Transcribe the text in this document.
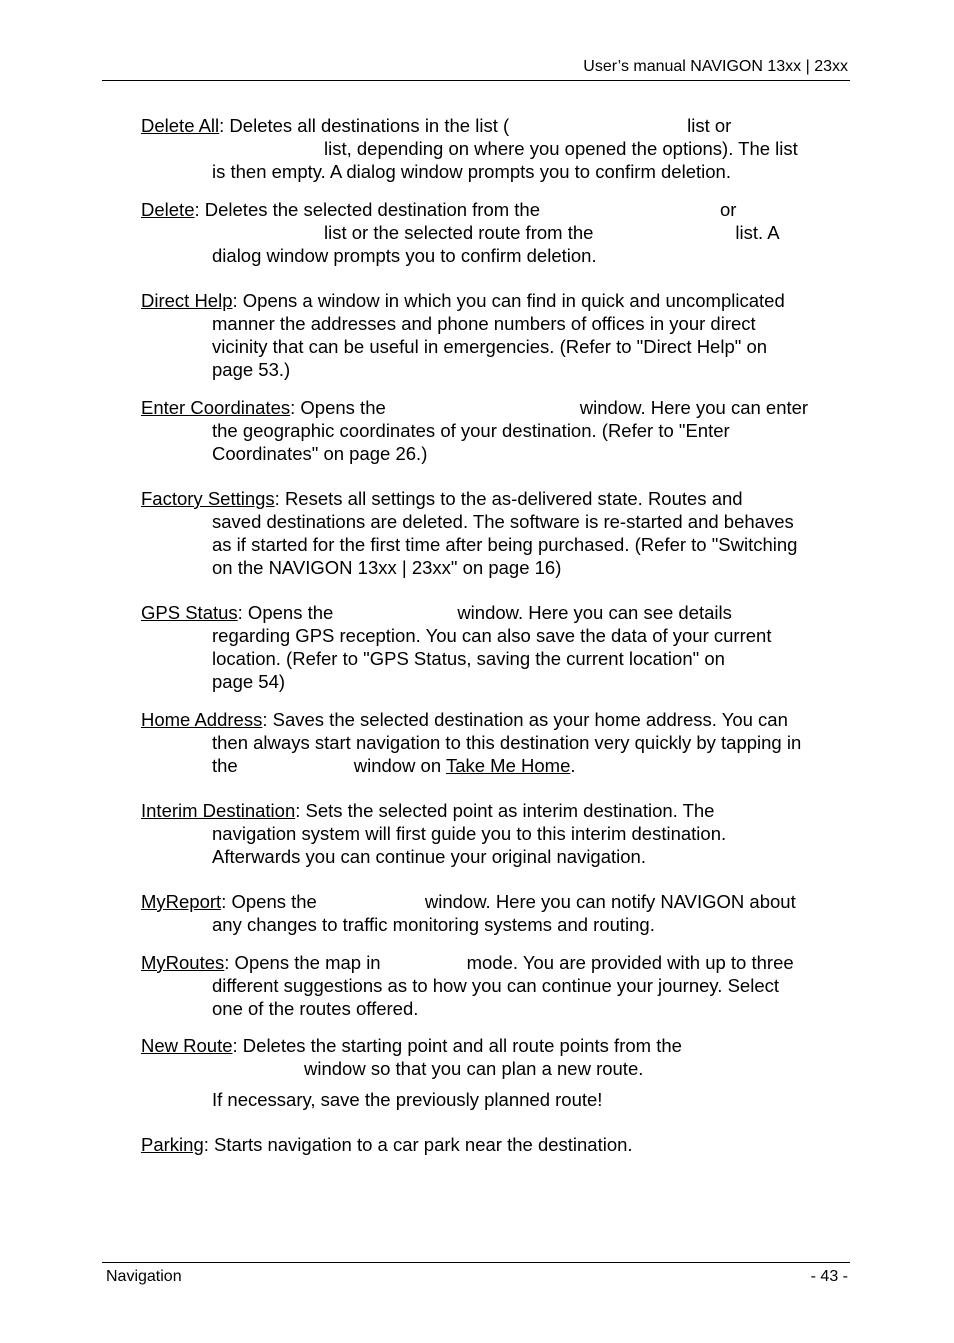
User’s manual NAVIGON 13xx | 23xx
Delete All: Deletes all destinations in the list (	list or
list, depending on where you opened the options). The list
is then empty. A dialog window prompts you to confirm deletion.
Delete: Deletes the selected destination from the	or
list or the selected route from the	list. A
dialog window prompts you to confirm deletion.
Direct Help: Opens a window in which you can find in quick and uncomplicated
manner the addresses and phone numbers of offices in your direct
vicinity that can be useful in emergencies. (Refer to "Direct Help" on
page 53.)
Enter Coordinates: Opens the	window. Here you can enter
the geographic coordinates of your destination. (Refer to "Enter
Coordinates" on page 26.)
Factory Settings: Resets all settings to the as-delivered state. Routes and
saved destinations are deleted. The software is re-started and behaves
as if started for the first time after being purchased. (Refer to "Switching
on the NAVIGON 13xx | 23xx" on page 16)
GPS Status: Opens the	window. Here you can see details
regarding GPS reception. You can also save the data of your current
location. (Refer to "GPS Status, saving the current location" on
page 54)
Home Address: Saves the selected destination as your home address. You can
then always start navigation to this destination very quickly by tapping in
the	window on Take Me Home.
Interim Destination: Sets the selected point as interim destination. The
navigation system will first guide you to this interim destination.
Afterwards you can continue your original navigation.
MyReport: Opens the	window. Here you can notify NAVIGON about
any changes to traffic monitoring systems and routing.
MyRoutes: Opens the map in	mode. You are provided with up to three
different suggestions as to how you can continue your journey. Select
one of the routes offered.
New Route: Deletes the starting point and all route points from the
window so that you can plan a new route.
If necessary, save the previously planned route!
Parking: Starts navigation to a car park near the destination.
Navigation	- 43 -
